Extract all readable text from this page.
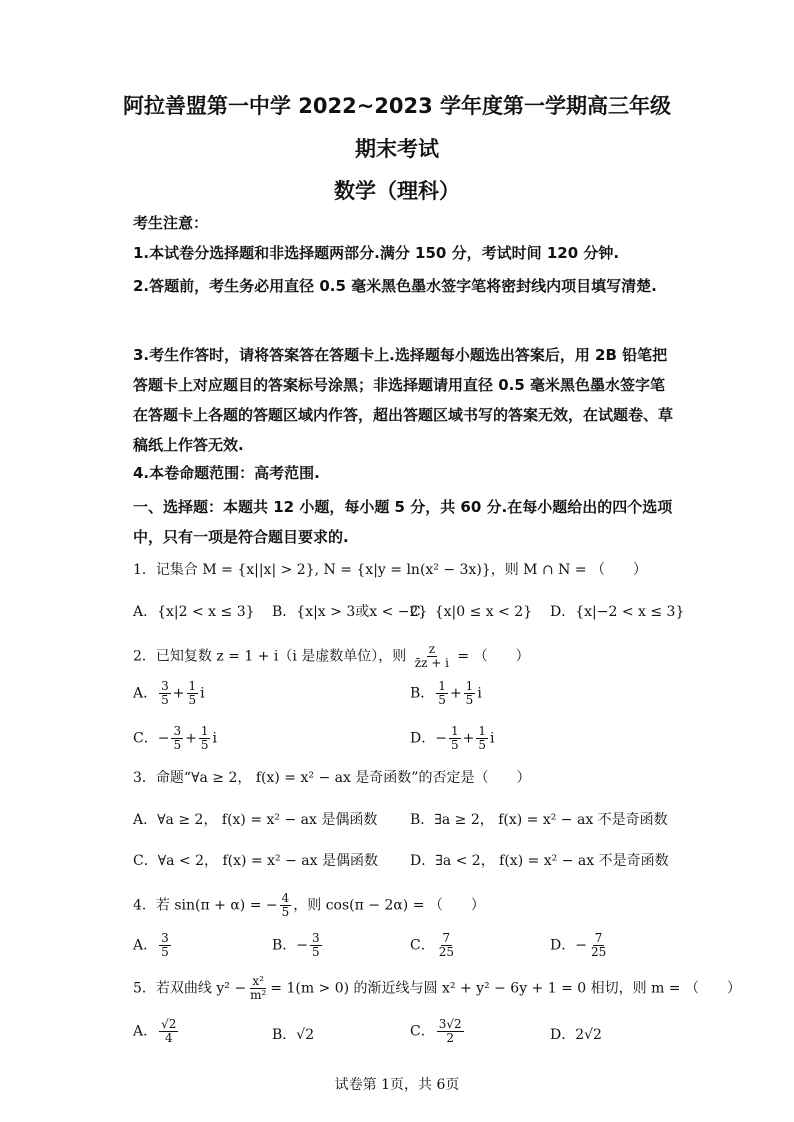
阿拉善盟第一中学 2022~2023 学年度第一学期高三年级
期末考试
数学（理科）
考生注意：
1.本试卷分选择题和非选择题两部分.满分 150 分，考试时间 120 分钟.
2.答题前，考生务必用直径 0.5 毫米黑色墨水签字笔将密封线内项目填写清楚.
3.考生作答时，请将答案答在答题卡上.选择题每小题选出答案后，用 2B 铅笔把答题卡上对应题目的答案标号涂黑；非选择题请用直径 0.5 毫米黑色墨水签字笔在答题卡上各题的答题区域内作答，超出答题区域书写的答案无效，在试题卷、草稿纸上作答无效.
4.本卷命题范围：高考范围.
一、选择题：本题共 12 小题，每小题 5 分，共 60 分.在每小题给出的四个选项中，只有一项是符合题目要求的.
1．记集合 M = {x||x| > 2}, N = {x|y = ln(x² − 3x)}，则 M ∩ N = （　　）
A．{x|2 < x ≤ 3} B．{x|x > 3或x < −2}
C．{x|0 ≤ x < 2} D．{x|−2 < x ≤ 3}
2．已知复数 z = 1 + i（i 是虚数单位），则 $\frac{z}{z̄z + i}$ = （　　）
A． $\frac{3}{5} + \frac{1}{5}$ i	B． $\frac{1}{5} + \frac{1}{5}$ i
C．− $\frac{3}{5} + \frac{1}{5}$ i	D．− $\frac{1}{5} + \frac{1}{5}$ i
3．命题“∀a ≥ 2， f(x) = x² − ax 是奇函数”的否定是（　　）
A．∀a ≥ 2， f(x) = x² − ax 是偶函数 B．∃a ≥ 2， f(x) = x² − ax 不是奇函数
C．∀a < 2， f(x) = x² − ax 是偶函数 D．∃a < 2， f(x) = x² − ax 不是奇函数
4．若 sin(π + α) = − $\frac{4}{5}$ ，则 cos(π − 2α) = （　　）
A． $\frac{3}{5}$	B．− $\frac{3}{5}$	C． $\frac{7}{25}$	D．− $\frac{7}{25}$
5．若双曲线 $y^2 - \frac{\text{x²}}{\text{m²}} = 1(m > 0)$ 的渐近线与圆 x² + y² − 6y + 1 = 0 相切，则 m = （　　）
A． $\frac{√2}{4}$	B．√2	C． $\frac{3√2}{2}$	D．2√2
试卷第 1页，共 6页
